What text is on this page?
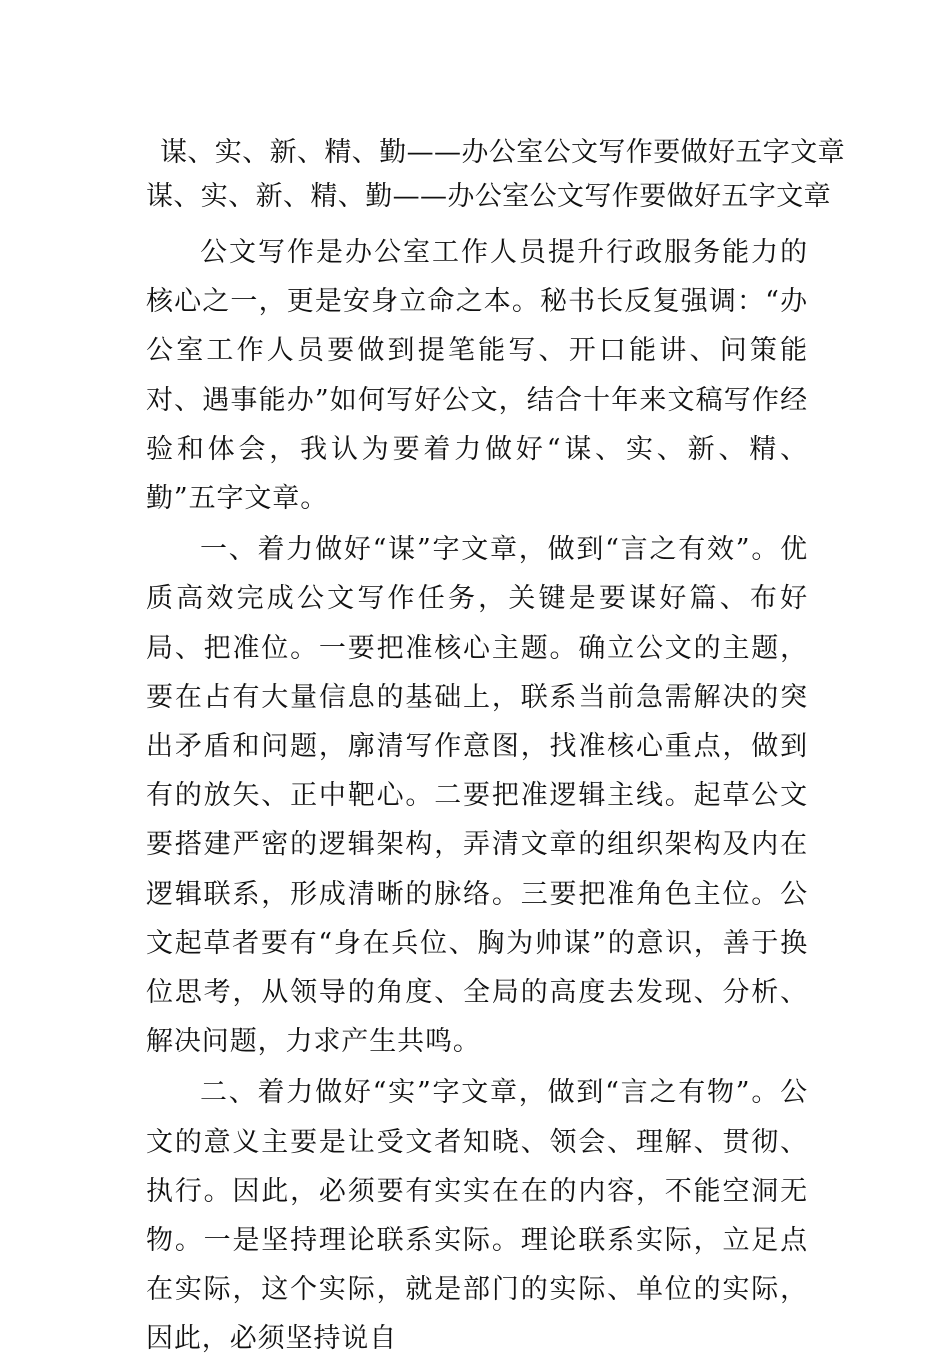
谋、实、新、精、勤——办公室公文写作要做好五字文章
谋、实、新、精、勤——办公室公文写作要做好五字文章

公文写作是办公室工作人员提升行政服务能力的核心之一，更是安身立命之本。秘书长反复强调：“办公室工作人员要做到提笔能写、开口能讲、问策能对、遇事能办”如何写好公文，结合十年来文稿写作经验和体会，我认为要着力做好“谋、实、新、精、勤”五字文章。

一、着力做好“谋”字文章，做到“言之有效”。优质高效完成公文写作任务，关键是要谋好篇、布好局、把准位。一要把准核心主题。确立公文的主题，要在占有大量信息的基础上，联系当前急需解决的突出矛盾和问题，廓清写作意图，找准核心重点，做到有的放矢、正中靶心。二要把准逻辑主线。起草公文要搭建严密的逻辑架构，弄清文章的组织架构及内在逻辑联系，形成清晰的脉络。三要把准角色主位。公文起草者要有“身在兵位、胸为帅谋”的意识，善于换位思考，从领导的角度、全局的高度去发现、分析、解决问题，力求产生共鸣。

二、着力做好“实”字文章，做到“言之有物”。公文的意义主要是让受文者知晓、领会、理解、贯彻、执行。因此，必须要有实实在在的内容，不能空洞无物。一是坚持理论联系实际。理论联系实际，立足点在实际，这个实际，就是部门的实际、单位的实际，因此，必须坚持说自
